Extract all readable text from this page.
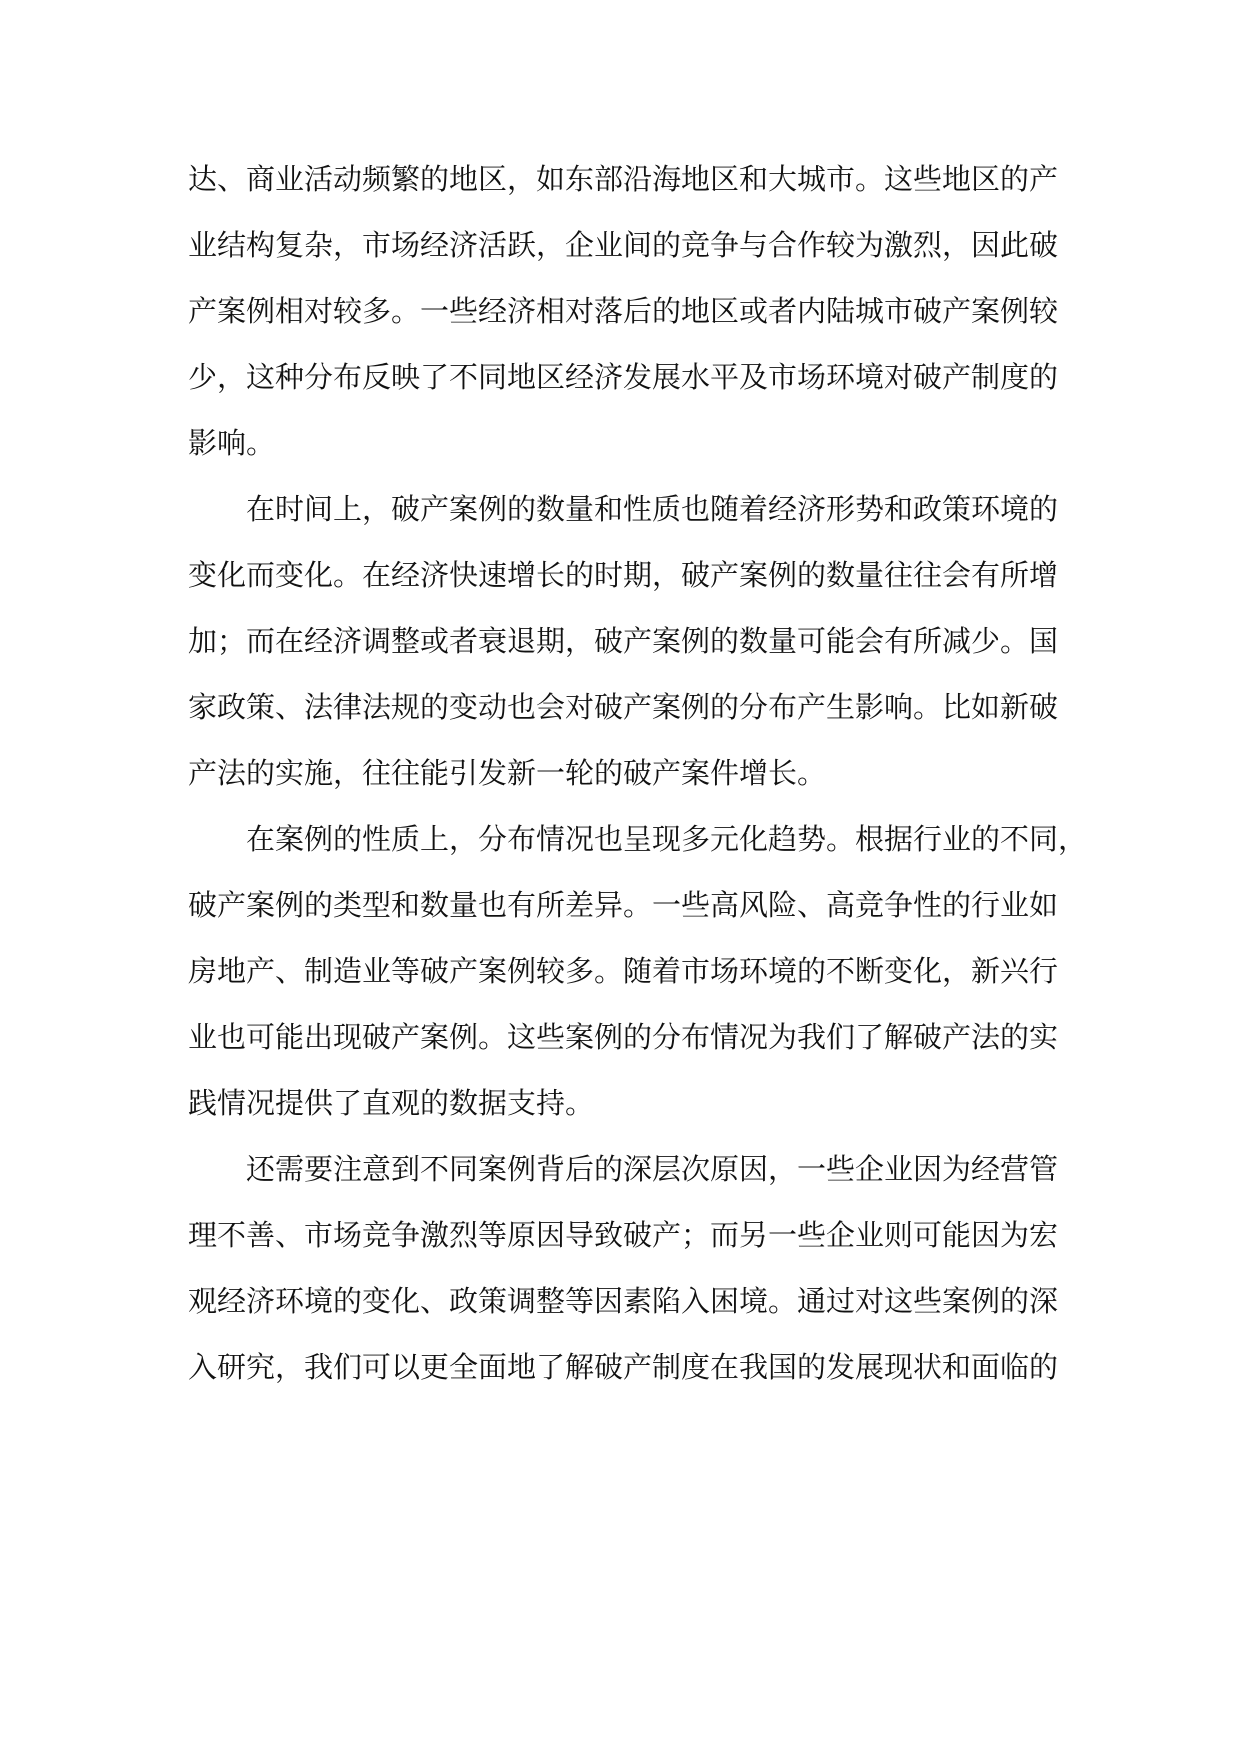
达、商业活动频繁的地区，如东部沿海地区和大城市。这些地区的产
业结构复杂，市场经济活跃，企业间的竞争与合作较为激烈，因此破
产案例相对较多。一些经济相对落后的地区或者内陆城市破产案例较
少，这种分布反映了不同地区经济发展水平及市场环境对破产制度的
影响。
在时间上，破产案例的数量和性质也随着经济形势和政策环境的
变化而变化。在经济快速增长的时期，破产案例的数量往往会有所增
加；而在经济调整或者衰退期，破产案例的数量可能会有所减少。国
家政策、法律法规的变动也会对破产案例的分布产生影响。比如新破
产法的实施，往往能引发新一轮的破产案件增长。
在案例的性质上，分布情况也呈现多元化趋势。根据行业的不同，
破产案例的类型和数量也有所差异。一些高风险、高竞争性的行业如
房地产、制造业等破产案例较多。随着市场环境的不断变化，新兴行
业也可能出现破产案例。这些案例的分布情况为我们了解破产法的实
践情况提供了直观的数据支持。
还需要注意到不同案例背后的深层次原因，一些企业因为经营管
理不善、市场竞争激烈等原因导致破产；而另一些企业则可能因为宏
观经济环境的变化、政策调整等因素陷入困境。通过对这些案例的深
入研究，我们可以更全面地了解破产制度在我国的发展现状和面临的
